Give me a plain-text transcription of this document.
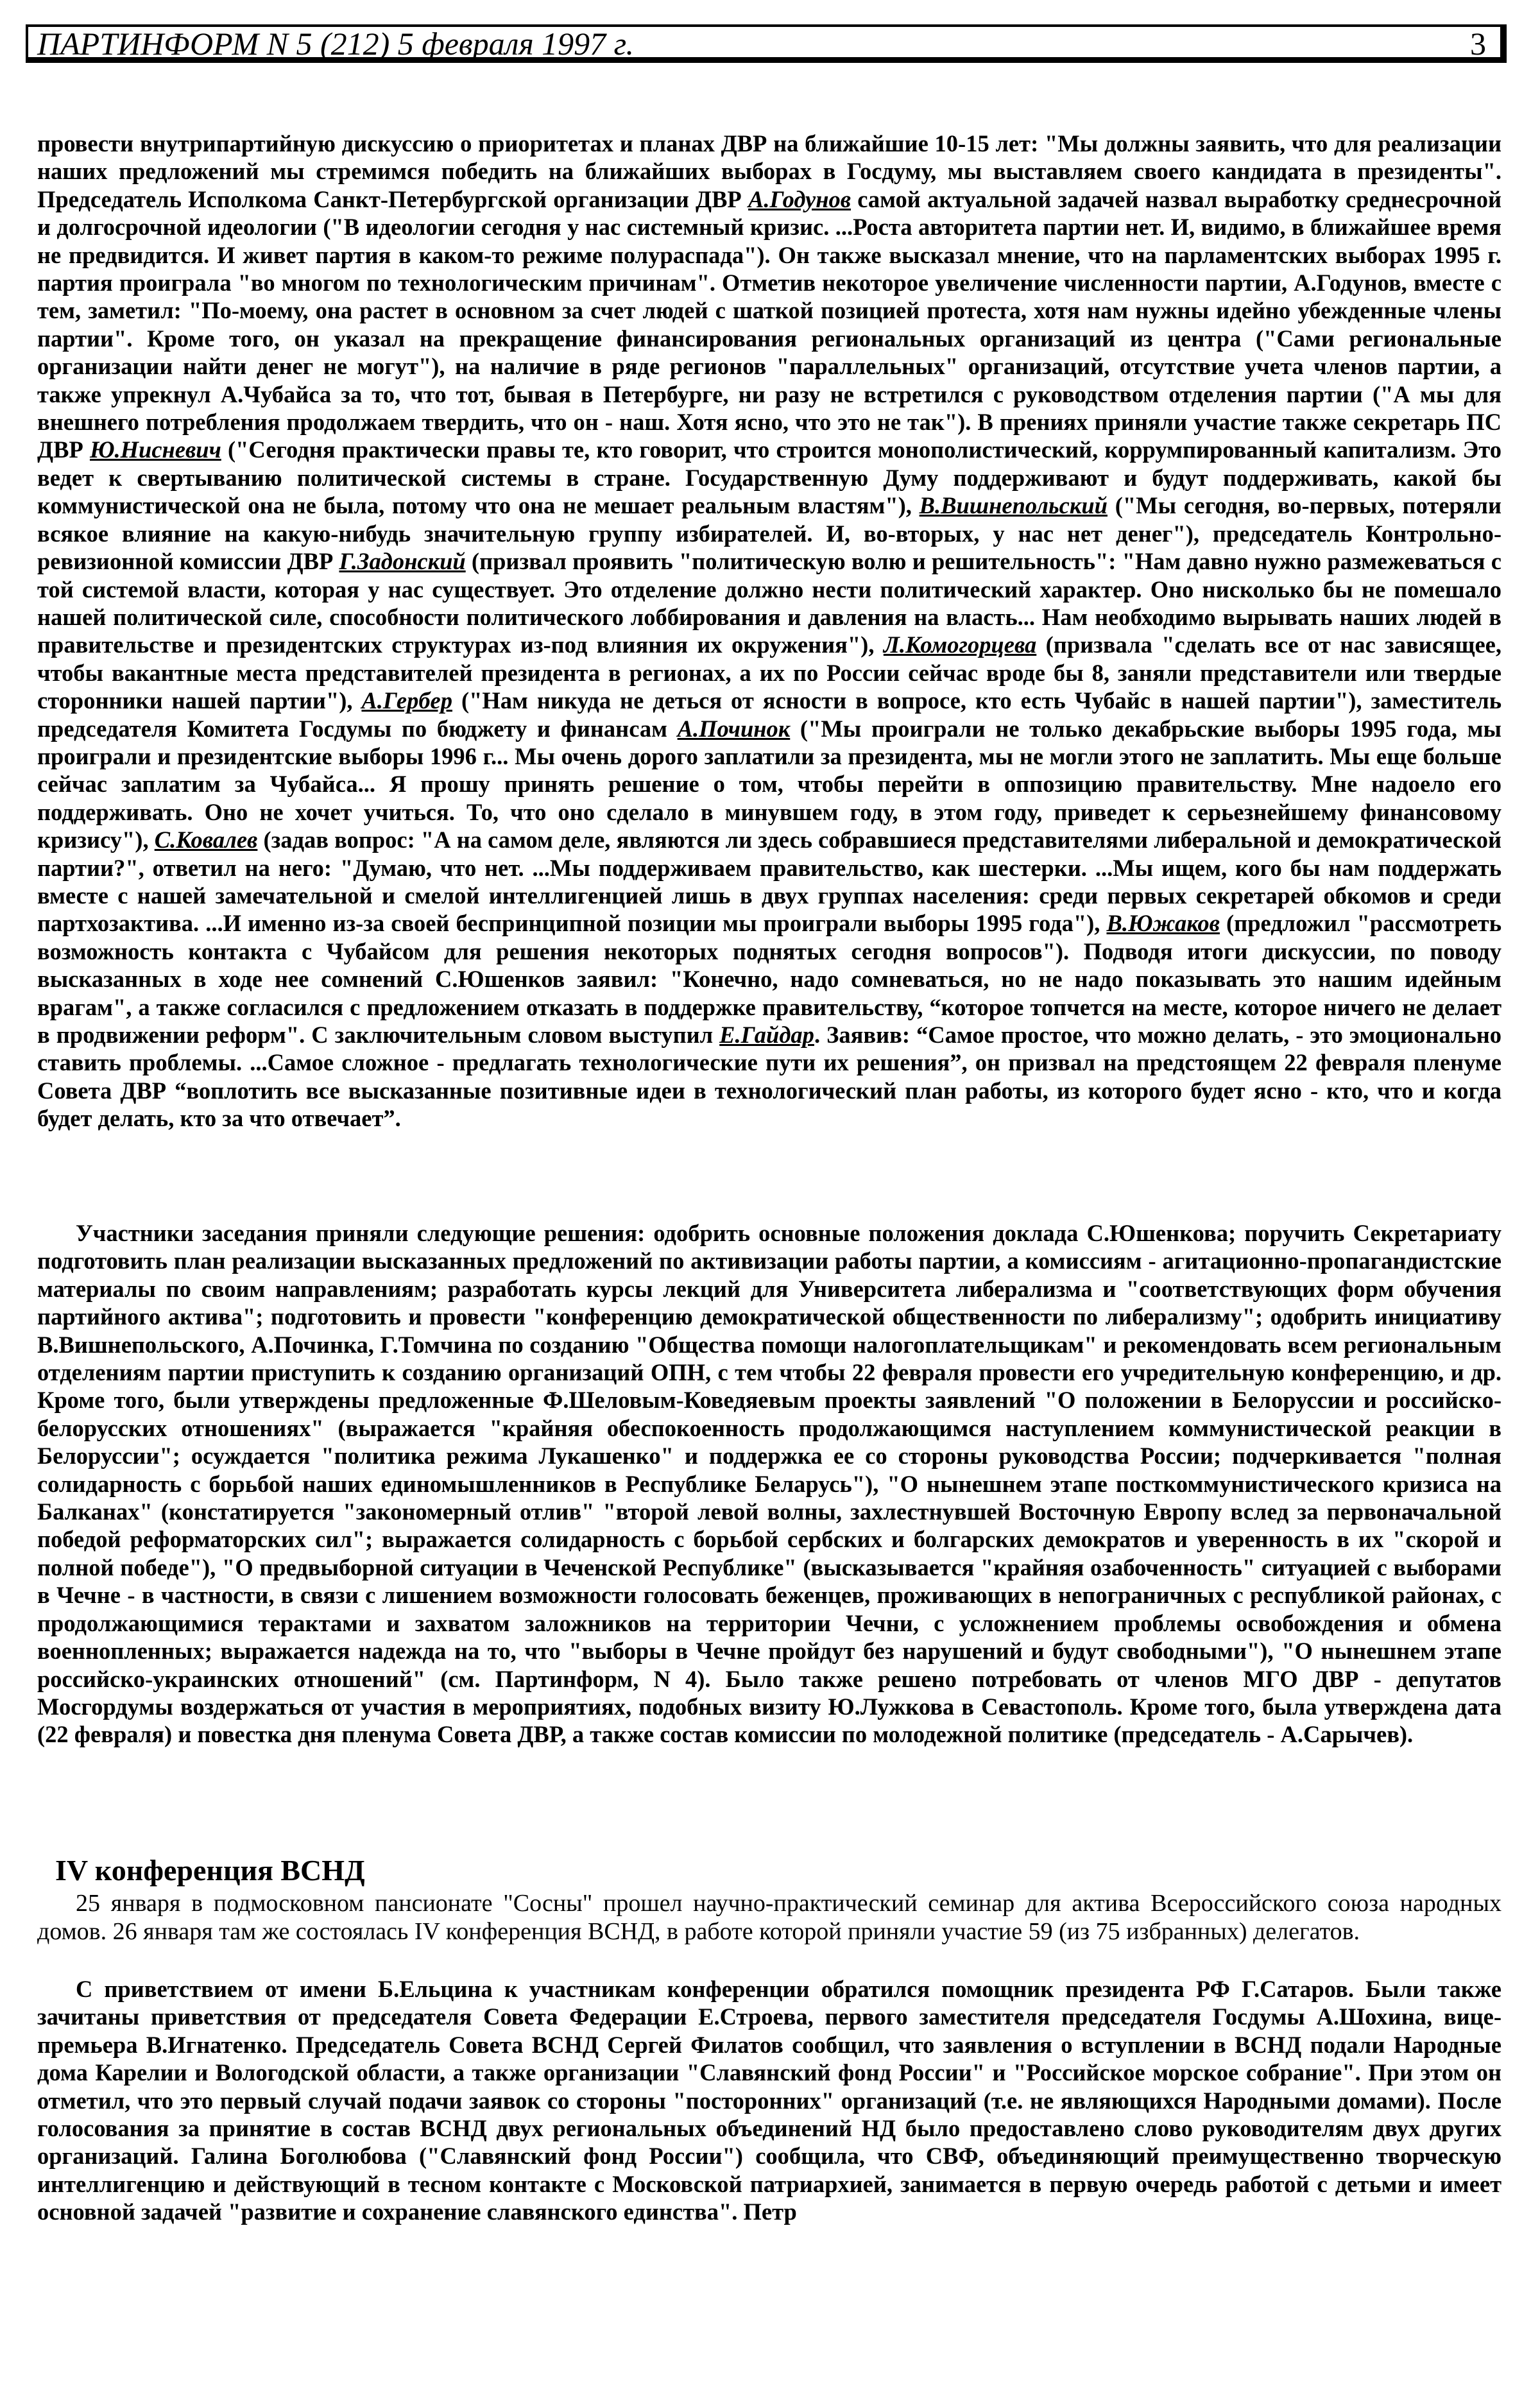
ПАРТИНФОРМ N 5 (212) 5 февраля 1997 г.	3

провести внутрипартийную дискуссию о приоритетах и планах ДВР на ближайшие 10-15 лет: "Мы должны заявить, что для реализации наших предложений мы стремимся победить на ближайших выборах в Госдуму, мы выставляем своего кандидата в президенты". Председатель Исполкома Санкт-Петербургской организации ДВР А.Годунов самой актуальной задачей назвал выработку среднесрочной и долгосрочной идеологии ("В идеологии сегодня у нас системный кризис. ...Роста авторитета партии нет. И, видимо, в ближайшее время не предвидится. И живет партия в каком-то режиме полураспада"). Он также высказал мнение, что на парламентских выборах 1995 г. партия проиграла "во многом по технологическим причинам". Отметив некоторое увеличение численности партии, А.Годунов, вместе с тем, заметил: "По-моему, она растет в основном за счет людей с шаткой позицией протеста, хотя нам нужны идейно убежденные члены партии". Кроме того, он указал на прекращение финансирования региональных организаций из центра ("Сами региональные организации найти денег не могут"), на наличие в ряде регионов "параллельных" организаций, отсутствие учета членов партии, а также упрекнул А.Чубайса за то, что тот, бывая в Петербурге, ни разу не встретился с руководством отделения партии ("А мы для внешнего потребления продолжаем твердить, что он - наш. Хотя ясно, что это не так"). В прениях приняли участие также секретарь ПС ДВР Ю.Нисневич ("Сегодня практически правы те, кто говорит, что строится монополистический, коррумпированный капитализм. Это ведет к свертыванию политической системы в стране. Государственную Думу поддерживают и будут поддерживать, какой бы коммунистической она не была, потому что она не мешает реальным властям"), В.Вишнепольский ("Мы сегодня, во-первых, потеряли всякое влияние на какую-нибудь значительную группу избирателей. И, во-вторых, у нас нет денег"), председатель Контрольно-ревизионной комиссии ДВР Г.Задонский (призвал проявить "политическую волю и решительность": "Нам давно нужно размежеваться с той системой власти, которая у нас существует. Это отделение должно нести политический характер. Оно нисколько бы не помешало нашей политической силе, способности политического лоббирования и давления на власть... Нам необходимо вырывать наших людей в правительстве и президентских структурах из-под влияния их окружения"), Л.Комогорцева (призвала "сделать все от нас зависящее, чтобы вакантные места представителей президента в регионах, а их по России сейчас вроде бы 8, заняли представители или твердые сторонники нашей партии"), А.Гербер ("Нам никуда не деться от ясности в вопросе, кто есть Чубайс в нашей партии"), заместитель председателя Комитета Госдумы по бюджету и финансам А.Починок ("Мы проиграли не только декабрьские выборы 1995 года, мы проиграли и президентские выборы 1996 г... Мы очень дорого заплатили за президента, мы не могли этого не заплатить. Мы еще больше сейчас заплатим за Чубайса... Я прошу принять решение о том, чтобы перейти в оппозицию правительству. Мне надоело его поддерживать. Оно не хочет учиться. То, что оно сделало в минувшем году, в этом году, приведет к серьезнейшему финансовому кризису"), С.Ковалев (задав вопрос: "А на самом деле, являются ли здесь собравшиеся представителями либеральной и демократической партии?", ответил на него: "Думаю, что нет. ...Мы поддерживаем правительство, как шестерки. ...Мы ищем, кого бы нам поддержать вместе с нашей замечательной и смелой интеллигенцией лишь в двух группах населения: среди первых секретарей обкомов и среди партхозактива. ...И именно из-за своей беспринципной позиции мы проиграли выборы 1995 года"), В.Южаков (предложил "рассмотреть возможность контакта с Чубайсом для решения некоторых поднятых сегодня вопросов"). Подводя итоги дискуссии, по поводу высказанных в ходе нее сомнений С.Юшенков заявил: "Конечно, надо сомневаться, но не надо показывать это нашим идейным врагам", а также согласился с предложением отказать в поддержке правительству, “которое топчется на месте, которое ничего не делает в продвижении реформ". С заключительным словом выступил Е.Гайдар. Заявив: “Самое простое, что можно делать, - это эмоционально ставить проблемы. ...Самое сложное - предлагать технологические пути их решения”, он призвал на предстоящем 22 февраля пленуме Совета ДВР “воплотить все высказанные позитивные идеи в технологический план работы, из которого будет ясно - кто, что и когда будет делать, кто за что отвечает”.

Участники заседания приняли следующие решения: одобрить основные положения доклада С.Юшенкова; поручить Секретариату подготовить план реализации высказанных предложений по активизации работы партии, а комиссиям - агитационно-пропагандистские материалы по своим направлениям; разработать курсы лекций для Университета либерализма и "соответствующих форм обучения партийного актива"; подготовить и провести "конференцию демократической общественности по либерализму"; одобрить инициативу В.Вишнепольского, А.Починка, Г.Томчина по созданию "Общества помощи налогоплательщикам" и рекомендовать всем региональным отделениям партии приступить к созданию организаций ОПН, с тем чтобы 22 февраля провести его учредительную конференцию, и др. Кроме того, были утверждены предложенные Ф.Шеловым-Коведяевым проекты заявлений "О положении в Белоруссии и российско-белорусских отношениях" (выражается "крайняя обеспокоенность продолжающимся наступлением коммунистической реакции в Белоруссии"; осуждается "политика режима Лукашенко" и поддержка ее со стороны руководства России; подчеркивается "полная солидарность с борьбой наших единомышленников в Республике Беларусь"), "О нынешнем этапе посткоммунистического кризиса на Балканах" (констатируется "закономерный отлив" "второй левой волны, захлестнувшей Восточную Европу вслед за первоначальной победой реформаторских сил"; выражается солидарность с борьбой сербских и болгарских демократов и уверенность в их "скорой и полной победе"), "О предвыборной ситуации в Чеченской Республике" (высказывается "крайняя озабоченность" ситуацией с выборами в Чечне - в частности, в связи с лишением возможности голосовать беженцев, проживающих в непограничных с республикой районах, с продолжающимися терактами и захватом заложников на территории Чечни, с усложнением проблемы освобождения и обмена военнопленных; выражается надежда на то, что "выборы в Чечне пройдут без нарушений и будут свободными"), "О нынешнем этапе российско-украинских отношений" (см. Партинформ, N 4). Было также решено потребовать от членов МГО ДВР - депутатов Мосгордумы воздержаться от участия в мероприятиях, подобных визиту Ю.Лужкова в Севастополь. Кроме того, была утверждена дата (22 февраля) и повестка дня пленума Совета ДВР, а также состав комиссии по молодежной политике (председатель - А.Сарычев).

IV конференция ВСНД

25 января в подмосковном пансионате "Сосны" прошел научно-практический семинар для актива Всероссийского союза народных домов. 26 января там же состоялась IV конференция ВСНД, в работе которой приняли участие 59 (из 75 избранных) делегатов.

С приветствием от имени Б.Ельцина к участникам конференции обратился помощник президента РФ Г.Сатаров. Были также зачитаны приветствия от председателя Совета Федерации Е.Строева, первого заместителя председателя Госдумы А.Шохина, вице-премьера В.Игнатенко. Председатель Совета ВСНД Сергей Филатов сообщил, что заявления о вступлении в ВСНД подали Народные дома Карелии и Вологодской области, а также организации "Славянский фонд России" и "Российское морское собрание". При этом он отметил, что это первый случай подачи заявок со стороны "посторонних" организаций (т.е. не являющихся Народными домами). После голосования за принятие в состав ВСНД двух региональных объединений НД было предоставлено слово руководителям двух других организаций. Галина Боголюбова ("Славянский фонд России") сообщила, что СВФ, объединяющий преимущественно творческую интеллигенцию и действующий в тесном контакте с Московской патриархией, занимается в первую очередь работой с детьми и имеет основной задачей "развитие и сохранение славянского единства". Петр
